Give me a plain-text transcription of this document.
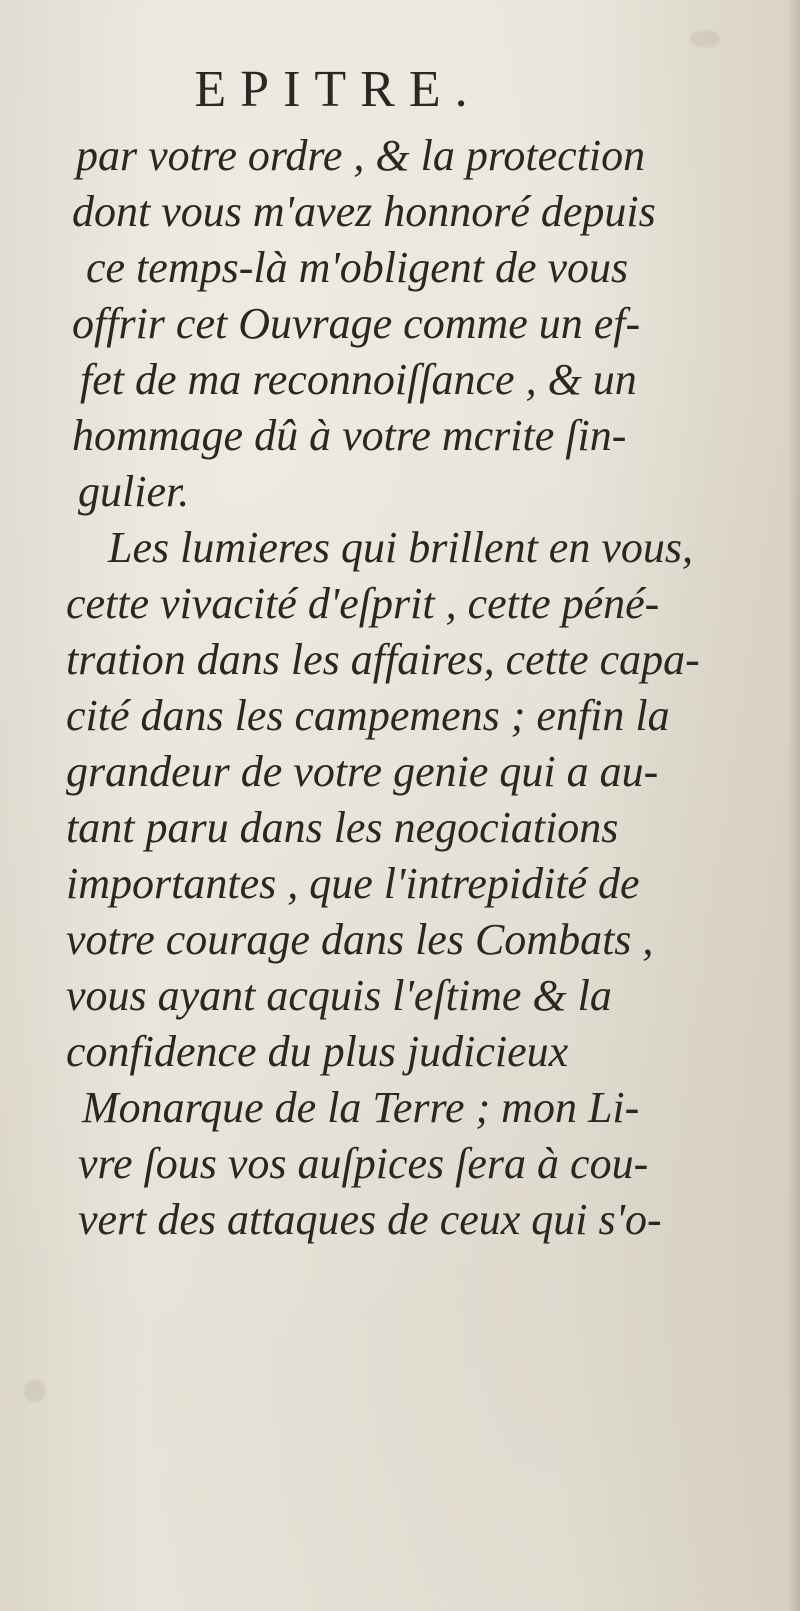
EPITRE.
par votre ordre , & la protection
dont vous m'avez honnoré depuis
ce temps-là m'obligent de vous
offrir cet Ouvrage comme un ef-
fet de ma reconnoiſſance , & un
hommage dû à votre mcrite ſin-
gulier.
Les lumieres qui brillent en vous,
cette vivacité d'eſprit , cette péné-
tration dans les affaires, cette capa-
cité dans les campemens ; enfin la
grandeur de votre genie qui a au-
tant paru dans les negociations
importantes , que l'intrepidité de
votre courage dans les Combats ,
vous ayant acquis l'eſtime & la
confidence du plus judicieux
Monarque de la Terre ; mon Li-
vre ſous vos auſpices ſera à cou-
vert des attaques de ceux qui s'o-
